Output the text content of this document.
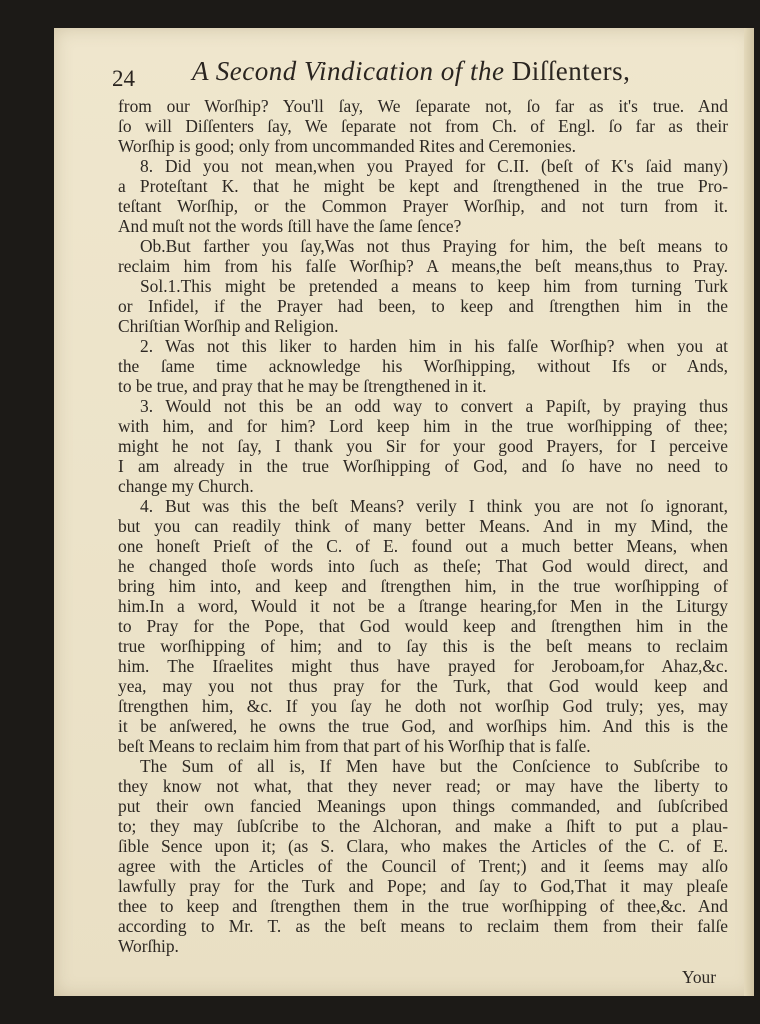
24 A Second Vindication of the Diſſenters,
from our Worſhip? You'll ſay, We ſeparate not, ſo far as it's true. And
ſo will Diſſenters ſay, We ſeparate not from Ch. of Engl. ſo far as their
Worſhip is good; only from uncommanded Rites and Ceremonies.
8. Did you not mean,when you Prayed for C.II. (beſt of K's ſaid many)
a Proteſtant K. that he might be kept and ſtrengthened in the true Pro-
teſtant Worſhip, or the Common Prayer Worſhip, and not turn from it.
And muſt not the words ſtill have the ſame ſence?
Ob.But farther you ſay,Was not thus Praying for him, the beſt means to
reclaim him from his falſe Worſhip? A means,the beſt means,thus to Pray.
Sol.1.This might be pretended a means to keep him from turning Turk
or Infidel, if the Prayer had been, to keep and ſtrengthen him in the
Chriſtian Worſhip and Religion.
2. Was not this liker to harden him in his falſe Worſhip? when you at
the ſame time acknowledge his Worſhipping, without Ifs or Ands,
to be true, and pray that he may be ſtrengthened in it.
3. Would not this be an odd way to convert a Papiſt, by praying thus
with him, and for him? Lord keep him in the true worſhipping of thee;
might he not ſay, I thank you Sir for your good Prayers, for I perceive
I am already in the true Worſhipping of God, and ſo have no need to
change my Church.
4. But was this the beſt Means? verily I think you are not ſo ignorant,
but you can readily think of many better Means. And in my Mind, the
one honeſt Prieſt of the C. of E. found out a much better Means, when
he changed thoſe words into ſuch as theſe; That God would direct, and
bring him into, and keep and ſtrengthen him, in the true worſhipping of
him.In a word, Would it not be a ſtrange hearing,for Men in the Liturgy
to Pray for the Pope, that God would keep and ſtrengthen him in the
true worſhipping of him; and to ſay this is the beſt means to reclaim
him. The Iſraelites might thus have prayed for Jeroboam,for Ahaz,&c.
yea, may you not thus pray for the Turk, that God would keep and
ſtrengthen him, &c. If you ſay he doth not worſhip God truly; yes, may
it be anſwered, he owns the true God, and worſhips him. And this is the
beſt Means to reclaim him from that part of his Worſhip that is falſe.
The Sum of all is, If Men have but the Conſcience to Subſcribe to
they know not what, that they never read; or may have the liberty to
put their own fancied Meanings upon things commanded, and ſubſcribed
to; they may ſubſcribe to the Alchoran, and make a ſhift to put a plau-
ſible Sence upon it; (as S. Clara, who makes the Articles of the C. of E.
agree with the Articles of the Council of Trent;) and it ſeems may alſo
lawfully pray for the Turk and Pope; and ſay to God,That it may pleaſe
thee to keep and ſtrengthen them in the true worſhipping of thee,&c. And
according to Mr. T. as the beſt means to reclaim them from their falſe
Worſhip.
Your
